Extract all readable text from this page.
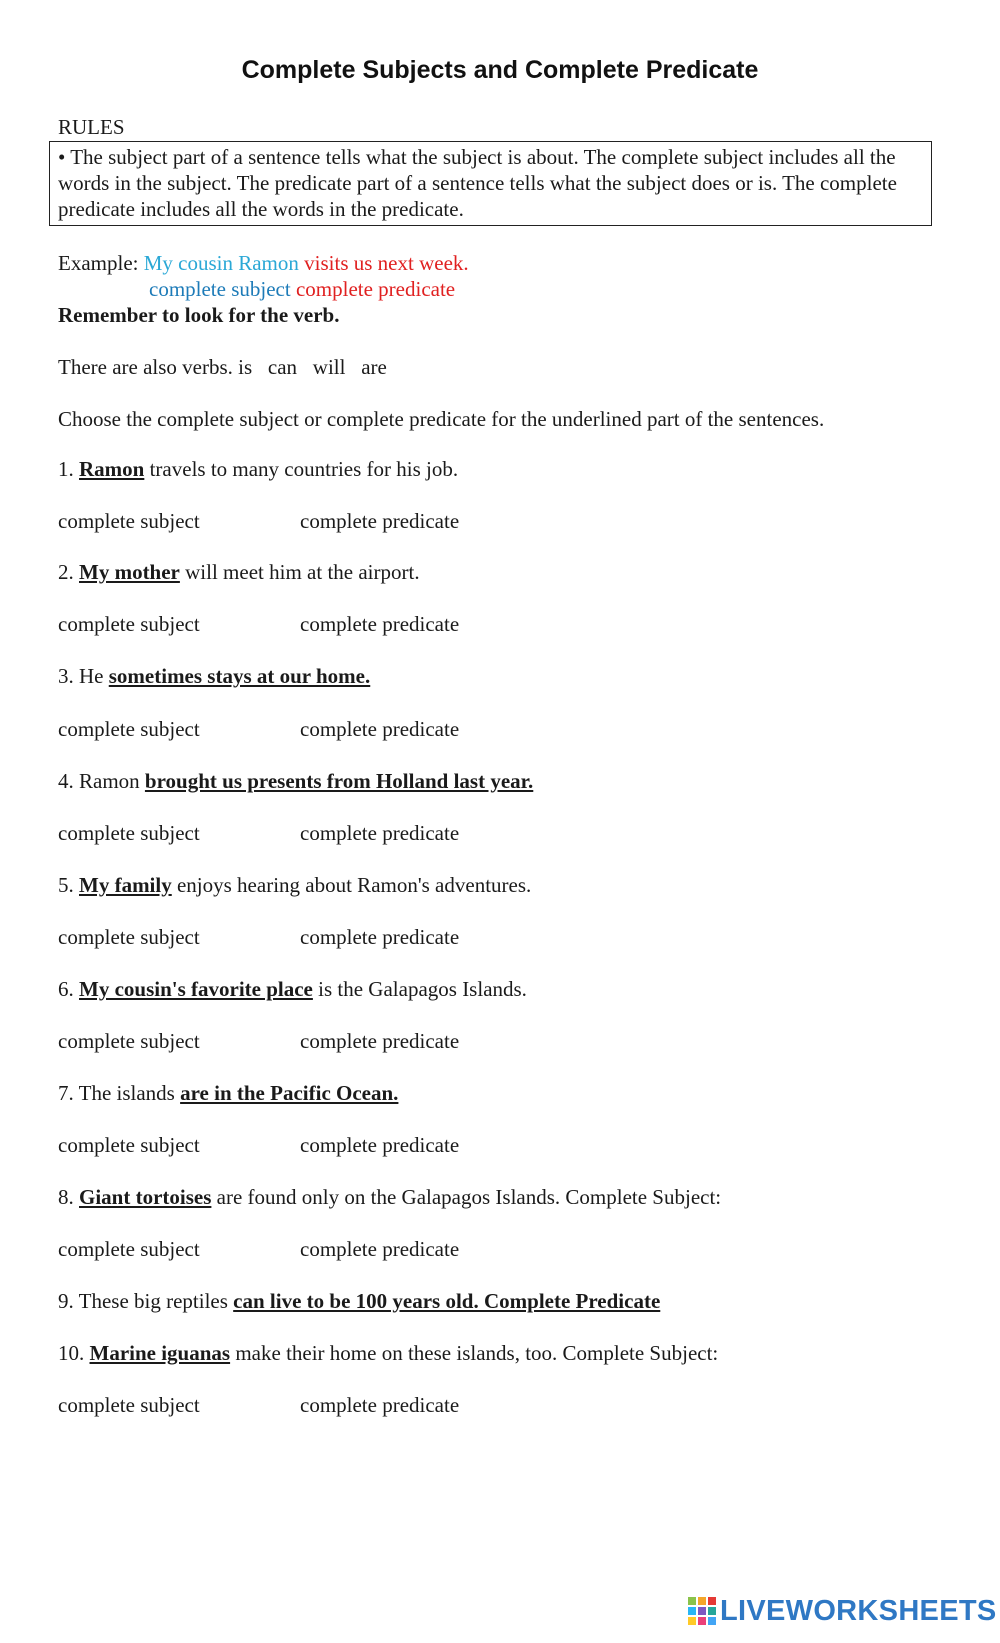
Complete Subjects and Complete Predicate
RULES
• The subject part of a sentence tells what the subject is about. The complete subject includes all the words in the subject. The predicate part of a sentence tells what the subject does or is. The complete predicate includes all the words in the predicate.
Example: My cousin Ramon visits us next week.
complete subject complete predicate
Remember to look for the verb.
There are also verbs. is   can   will   are
Choose the complete subject or complete predicate for the underlined part of the sentences.
1. Ramon travels to many countries for his job.
complete subject	complete predicate
2. My mother will meet him at the airport.
complete subject	complete predicate
3. He sometimes stays at our home.
complete subject	complete predicate
4. Ramon brought us presents from Holland last year.
complete subject	complete predicate
5. My family enjoys hearing about Ramon's adventures.
complete subject	complete predicate
6. My cousin's favorite place is the Galapagos Islands.
complete subject	complete predicate
7. The islands are in the Pacific Ocean.
complete subject	complete predicate
8. Giant tortoises are found only on the Galapagos Islands. Complete Subject:
complete subject	complete predicate
9. These big reptiles can live to be 100 years old. Complete Predicate
10. Marine iguanas make their home on these islands, too. Complete Subject:
complete subject	complete predicate
LIVEWORKSHEETS
